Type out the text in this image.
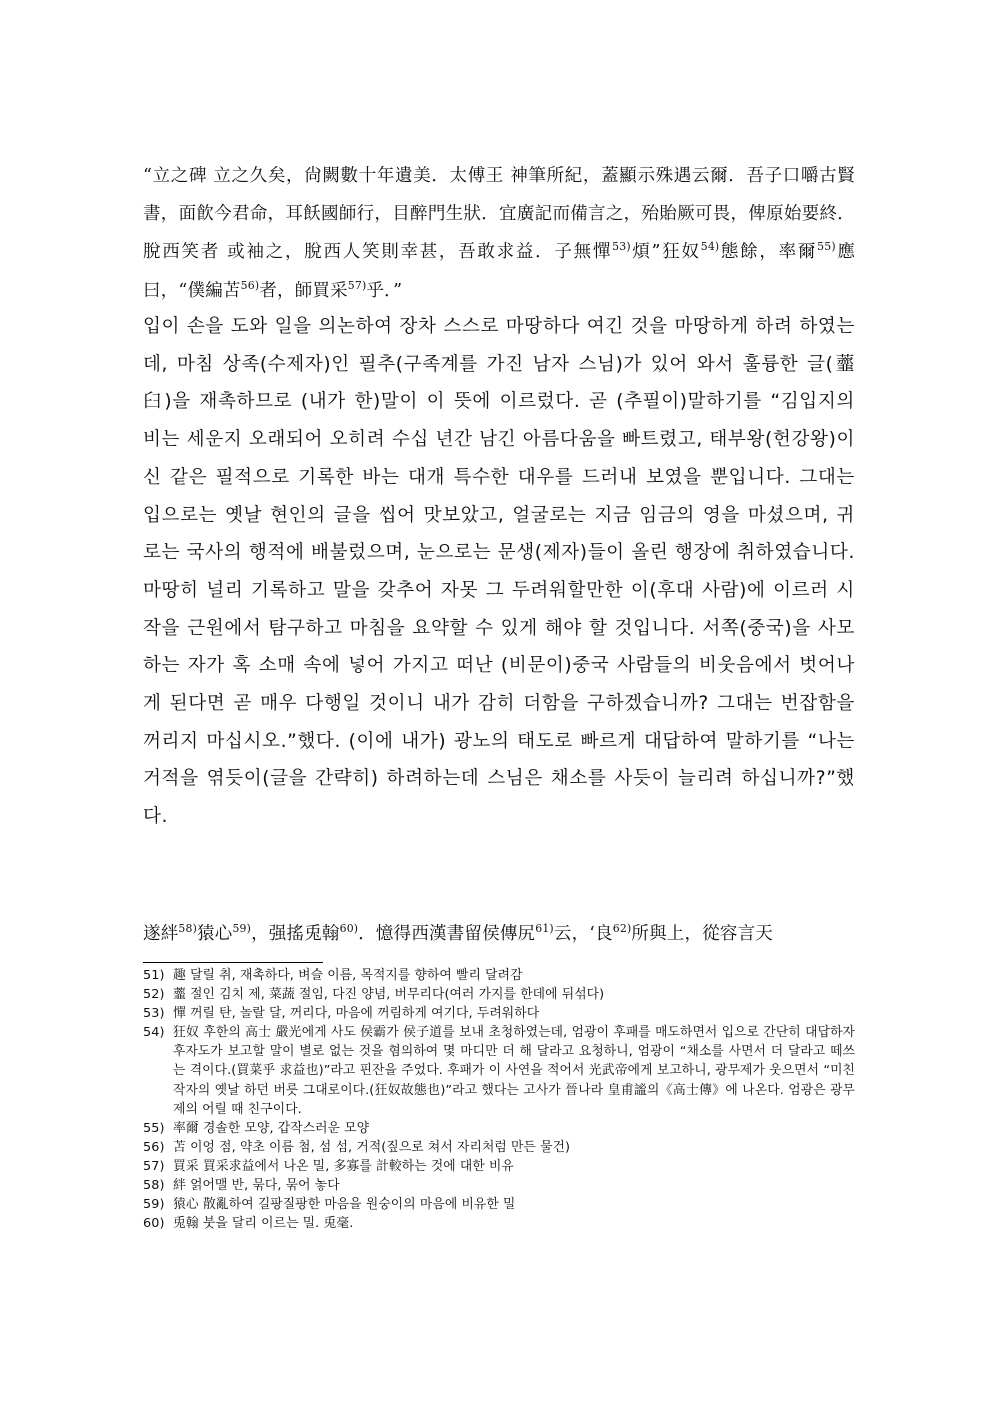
“立之碑 立之久矣，尙闕數十年遺美．太傅王 神筆所紀，蓋顯示殊遇云爾．吾子口嚼古賢書，面飮今君命，耳飫國師行，目醉門生狀．宜廣記而備言之，殆貽厥可畏，俾原始要終．脫西笑者 或袖之，脫西人笑則幸甚，吾敢求益．子無憚$^{53)}$煩”狂奴$^{54)}$態餘，率爾$^{55)}$應曰，“僕編苫$^{56)}$者，師買采$^{57)}$乎．”

입이 손을 도와 일을 의논하여 장차 스스로 마땅하다 여긴 것을 마땅하게 하려 하였는데, 마침 상족(수제자)인 필추(구족계를 가진 남자 스님)가 있어 와서 훌륭한 글(虀臼)을 재촉하므로 (내가 한)말이 이 뜻에 이르렀다. 곧 (추필이)말하기를 “김입지의 비는 세운지 오래되어 오히려 수십 년간 남긴 아름다움을 빠트렸고, 태부왕(헌강왕)이 신 같은 필적으로 기록한 바는 대개 특수한 대우를 드러내 보였을 뿐입니다. 그대는 입으로는 옛날 현인의 글을 씹어 맛보았고, 얼굴로는 지금 임금의 영을 마셨으며, 귀로는 국사의 행적에 배불렀으며, 눈으로는 문생(제자)들이 올린 행장에 취하였습니다. 마땅히 널리 기록하고 말을 갖추어 자못 그 두려워할만한 이(후대 사람)에 이르러 시작을 근원에서 탐구하고 마침을 요약할 수 있게 해야 할 것입니다. 서쪽(중국)을 사모하는 자가 혹 소매 속에 넣어 가지고 떠난 (비문이)중국 사람들의 비웃음에서 벗어나게 된다면 곧 매우 다행일 것이니 내가 감히 더함을 구하겠습니까? 그대는 번잡함을 꺼리지 마십시오.”했다. (이에 내가) 광노의 태도로 빠르게 대답하여 말하기를 “나는 거적을 엮듯이(글을 간략히) 하려하는데 스님은 채소를 사듯이 늘리려 하십니까?”했다.

遂絆$^{58)}$猿心$^{59)}$，强搖兎翰$^{60)}$．憶得西漢書留侯傳尻$^{61)}$云，‘良$^{62)}$所與上，從容言天

51) 趣 달릴 취, 재촉하다, 벼슬 이름, 목적지를 향하여 빨리 달려감
52) 虀 절인 김치 제, 菜蔬 절임, 다진 양념, 버무리다(여러 가지를 한데에 뒤섞다)
53) 憚 꺼릴 탄, 놀랄 달, 꺼리다, 마음에 꺼림하게 여기다, 두려워하다
54) 狂奴 후한의 高士 嚴光에게 사도 侯霸가 侯子道를 보내 초청하였는데, 엄광이 후패를 매도하면서 입으로 간단히 대답하자 후자도가 보고할 말이 별로 없는 것을 혐의하여 몇 마디만 더 해 달라고 요청하니, 엄광이 “채소를 사면서 더 달라고 떼쓰는 격이다.(買菜乎 求益也)”라고 핀잔을 주었다. 후패가 이 사연을 적어서 光武帝에게 보고하니, 광무제가 웃으면서 “미친 작자의 옛날 하던 버릇 그대로이다.(狂奴故態也)”라고 했다는 고사가 晉나라 皇甫謐의《高士傳》에 나온다. 엄광은 광무제의 어릴 때 친구이다.
55) 率爾 경솔한 모양, 갑작스러운 모양
56) 苫 이엉 점, 약초 이름 첨, 섬 섬, 거적(짚으로 쳐서 자리처럼 만든 물건)
57) 買采 買采求益에서 나온 밀, 多寡를 計較하는 것에 대한 비유
58) 絆 얽어맬 반, 묶다, 묶어 놓다
59) 猿心 散亂하여 길팡질팡한 마음을 원숭이의 마음에 비유한 밀
60) 兎翰 붓을 달리 이르는 밀. 兎毫.
